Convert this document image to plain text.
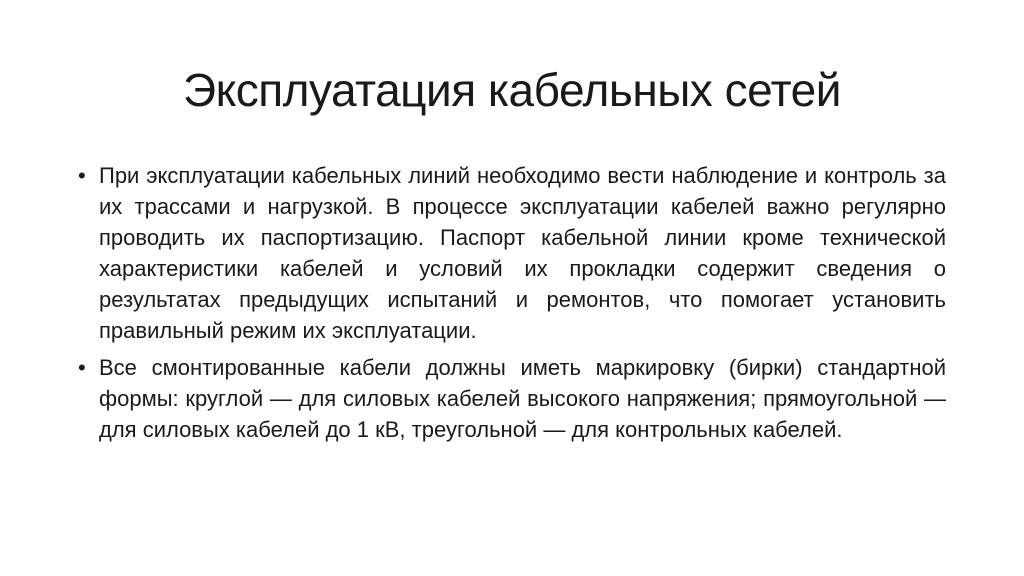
Эксплуатация кабельных сетей
• При эксплуатации кабельных линий необходимо вести наблюдение и контроль за их трассами и нагрузкой. В процессе эксплуатации кабелей важно регулярно проводить их паспортизацию. Паспорт кабельной линии кроме технической характеристики кабелей и условий их прокладки содержит сведения о результатах предыдущих испытаний и ремонтов, что помогает установить правильный режим их эксплуатации.
• Все смонтированные кабели должны иметь маркировку (бирки) стандартной формы: круглой — для силовых кабелей высокого напряжения; прямоугольной — для силовых кабелей до 1 кВ, треугольной — для контрольных кабелей.
